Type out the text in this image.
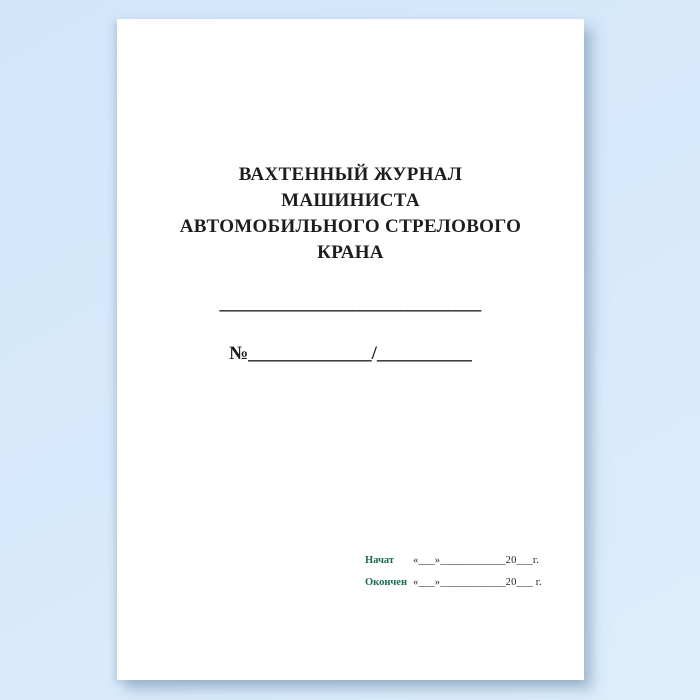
ВАХТЕННЫЙ ЖУРНАЛ
МАШИНИСТА
АВТОМОБИЛЬНОГО СТРЕЛОВОГО
КРАНА
___________________________
№_____________/__________
Начат «___»____________20___г.
Окончен «___»____________20___ г.
